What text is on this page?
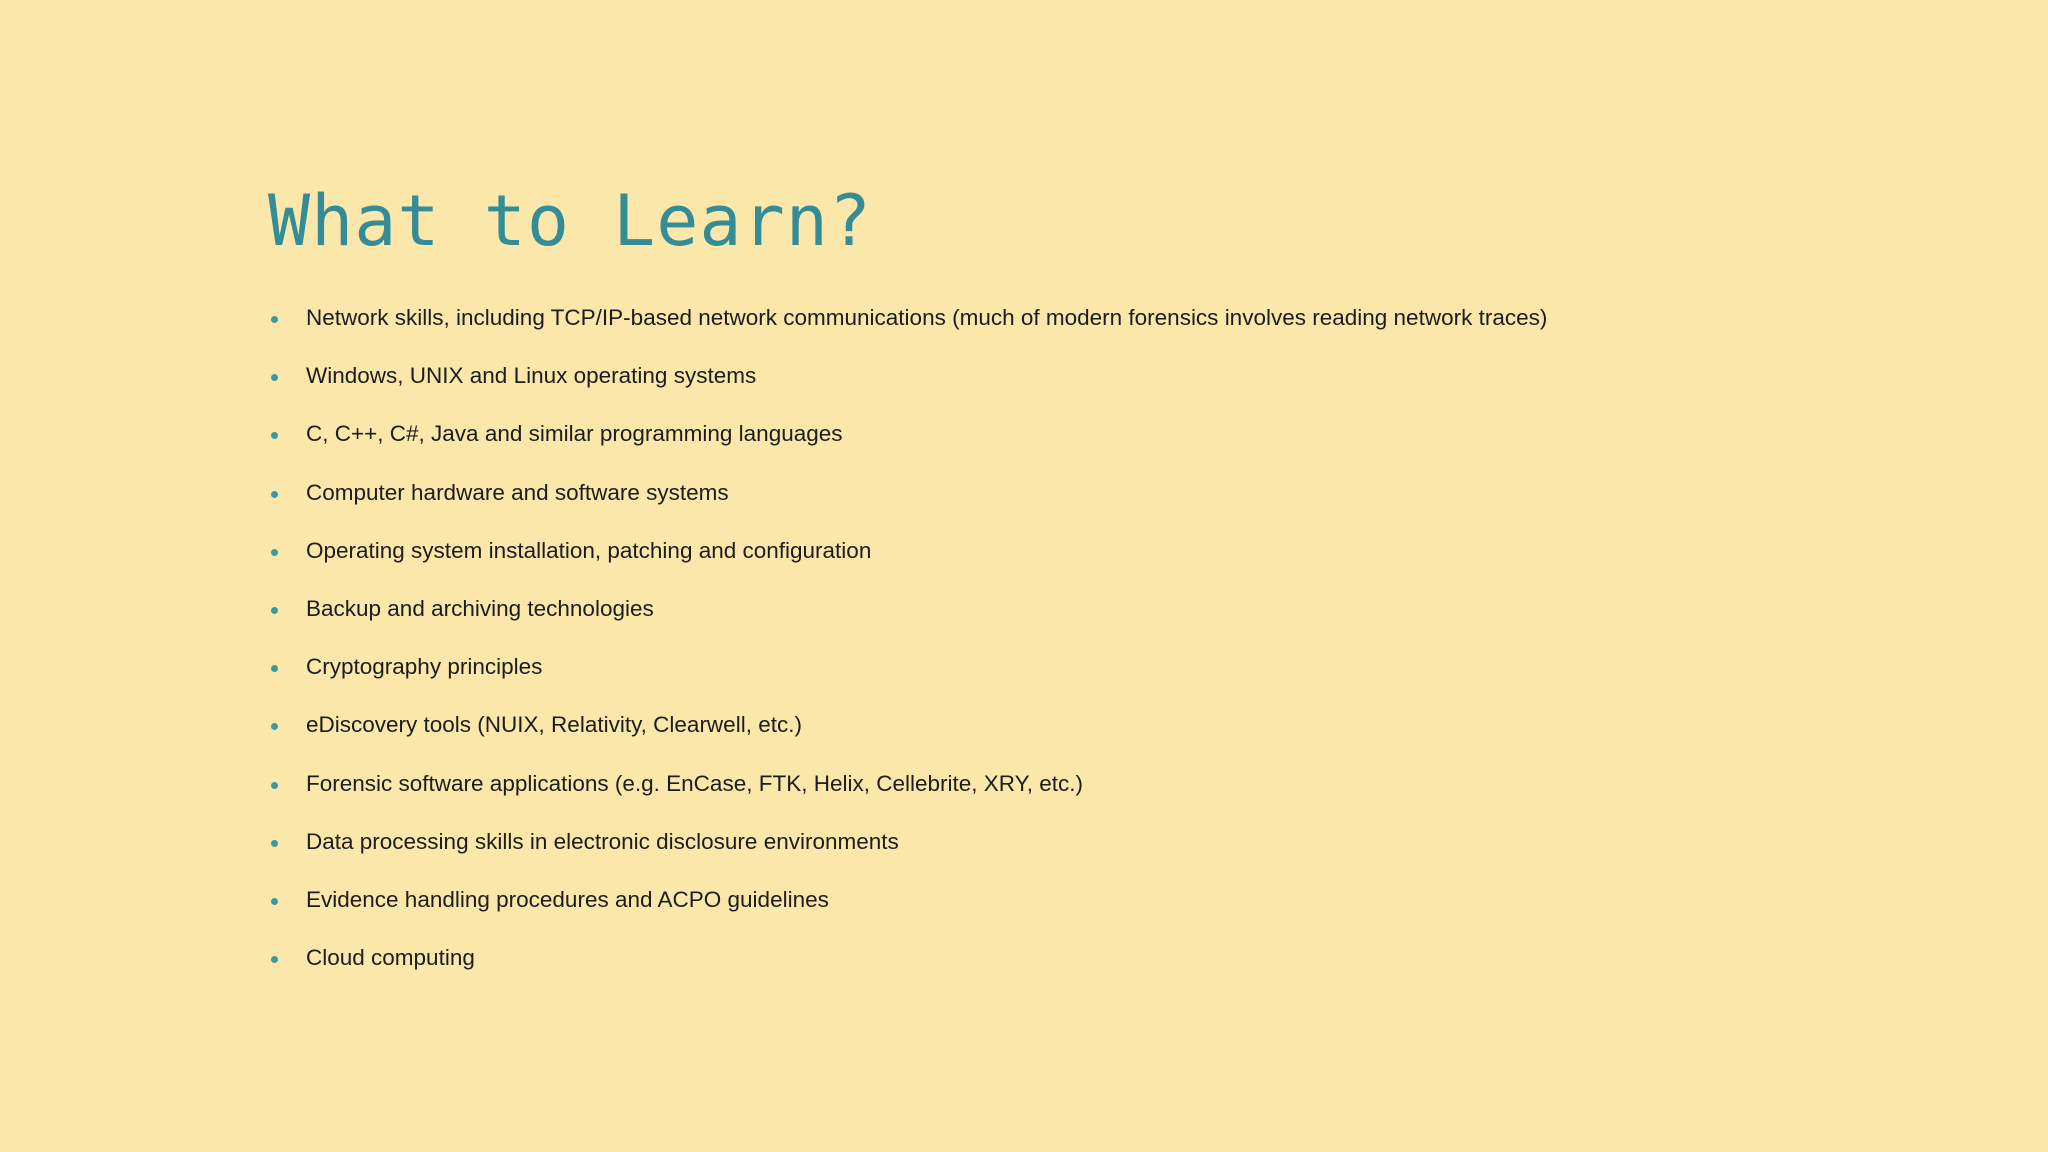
What to Learn?
Network skills, including TCP/IP-based network communications (much of modern forensics involves reading network traces)
Windows, UNIX and Linux operating systems
C, C++, C#, Java and similar programming languages
Computer hardware and software systems
Operating system installation, patching and configuration
Backup and archiving technologies
Cryptography principles
eDiscovery tools (NUIX, Relativity, Clearwell, etc.)
Forensic software applications (e.g. EnCase, FTK, Helix, Cellebrite, XRY, etc.)
Data processing skills in electronic disclosure environments
Evidence handling procedures and ACPO guidelines
Cloud computing
